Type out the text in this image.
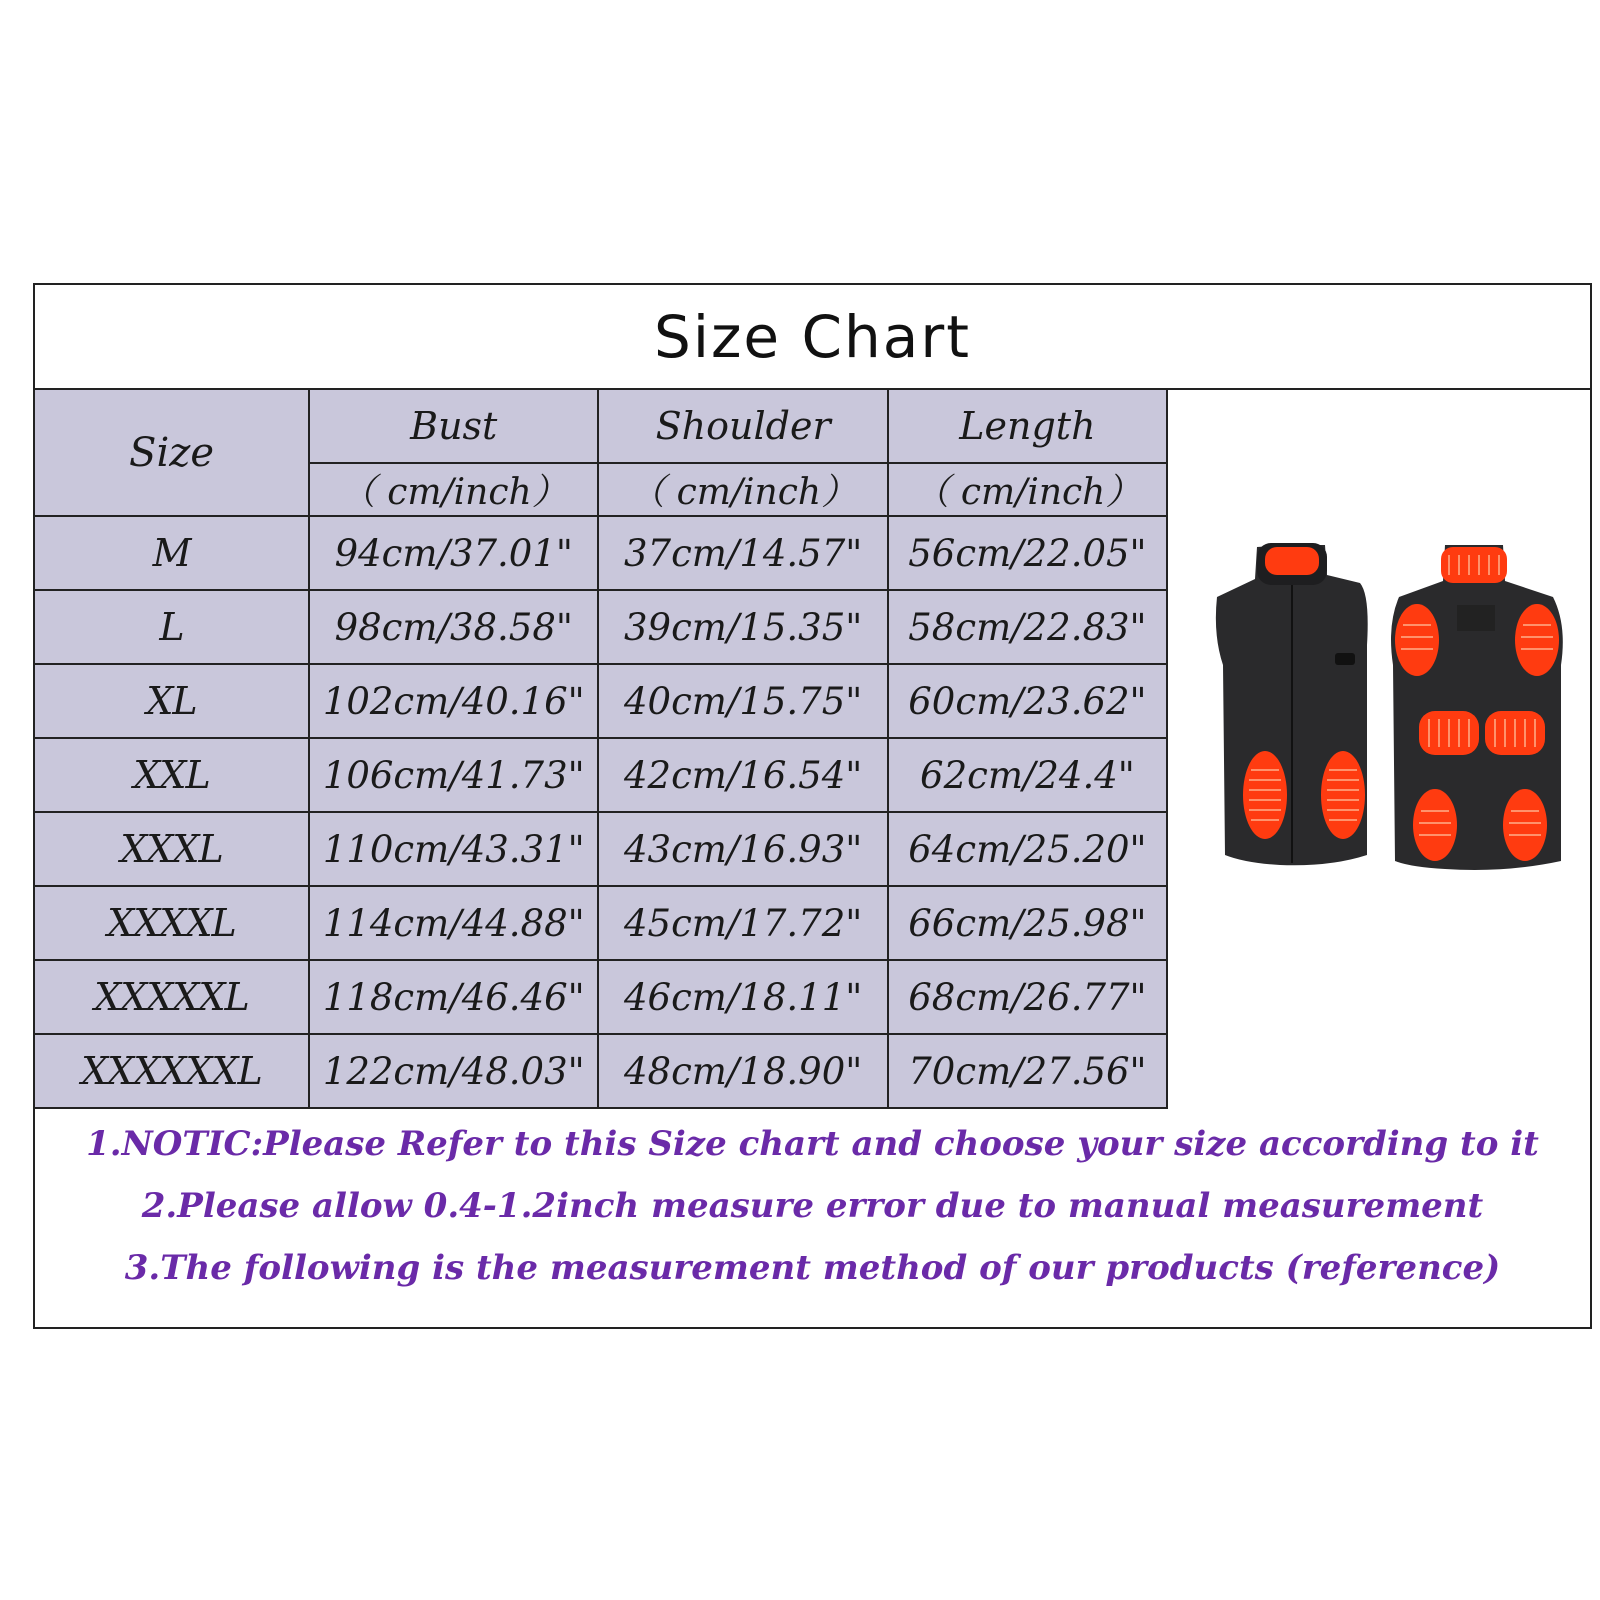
Size Chart
Size	Bust	Shoulder	Length
	（ cm/inch）	（ cm/inch）	（ cm/inch）
M	94cm/37.01"	37cm/14.57"	56cm/22.05"
L	98cm/38.58"	39cm/15.35"	58cm/22.83"
XL	102cm/40.16"	40cm/15.75"	60cm/23.62"
XXL	106cm/41.73"	42cm/16.54"	62cm/24.4"
XXXL	110cm/43.31"	43cm/16.93"	64cm/25.20"
XXXXL	114cm/44.88"	45cm/17.72"	66cm/25.98"
XXXXXL	118cm/46.46"	46cm/18.11"	68cm/26.77"
XXXXXXL	122cm/48.03"	48cm/18.90"	70cm/27.56"
1.NOTIC:Please Refer to this Size chart and choose your size according to it
2.Please allow 0.4-1.2inch measure error due to manual measurement
3.The following is the measurement method of our products (reference)
